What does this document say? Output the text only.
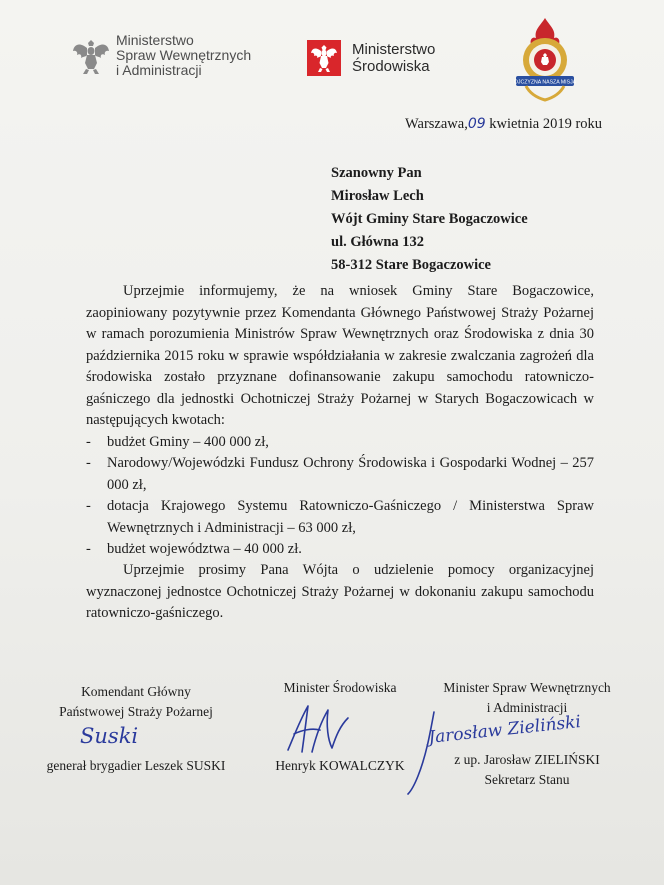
Ministerstwo
Spraw Wewnętrznych
i Administracji
Ministerstwo
Środowiska
OJCZYZNA NASZA MISJA
Warszawa,09 kwietnia 2019 roku
Szanowny Pan
Mirosław Lech
Wójt Gminy Stare Bogaczowice
ul. Główna 132
58-312 Stare Bogaczowice
Uprzejmie informujemy, że na wniosek Gminy Stare Bogaczowice, zaopiniowany pozytywnie przez Komendanta Głównego Państwowej Straży Pożarnej w ramach porozumienia Ministrów Spraw Wewnętrznych oraz Środowiska z dnia 30 października 2015 roku w sprawie współdziałania w zakresie zwalczania zagrożeń dla środowiska zostało przyznane dofinansowanie zakupu samochodu ratowniczo-gaśniczego dla jednostki Ochotniczej Straży Pożarnej w Starych Bogaczowicach w następujących kwotach:
- budżet Gminy – 400 000 zł,
- Narodowy/Wojewódzki Fundusz Ochrony Środowiska i Gospodarki Wodnej – 257 000 zł,
- dotacja Krajowego Systemu Ratowniczo-Gaśniczego / Ministerstwa Spraw Wewnętrznych i Administracji – 63 000 zł,
- budżet województwa – 40 000 zł.
Uprzejmie prosimy Pana Wójta o udzielenie pomocy organizacyjnej wyznaczonej jednostce Ochotniczej Straży Pożarnej w dokonaniu zakupu samochodu ratowniczo-gaśniczego.
Komendant Główny
Państwowej Straży Pożarnej
Suski
generał brygadier Leszek SUSKI
Minister Środowiska
Henryk KOWALCZYK
Minister Spraw Wewnętrznych
i Administracji
Jarosław Zieliński
z up. Jarosław ZIELIŃSKI
Sekretarz Stanu
